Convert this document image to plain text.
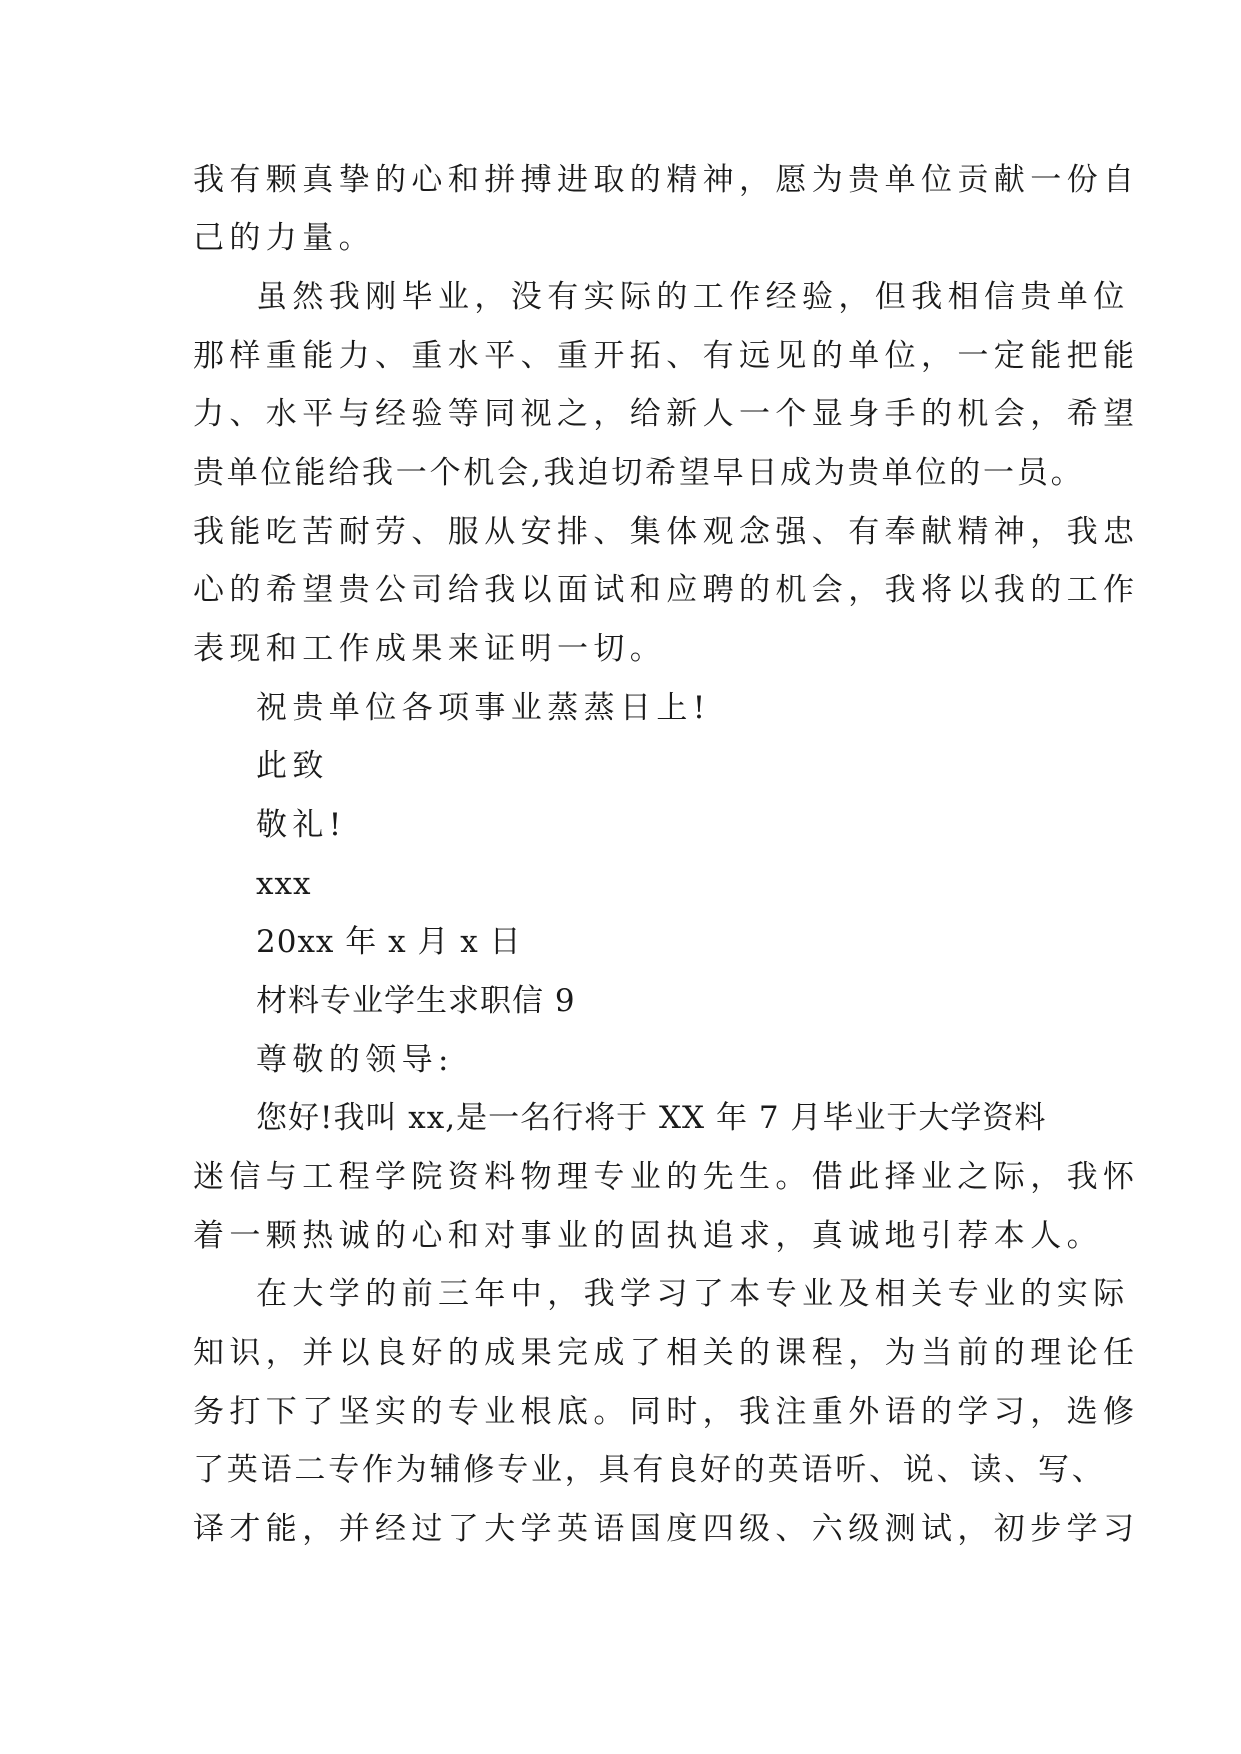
我有颗真挚的心和拼搏进取的精神，愿为贵单位贡献一份自
己的力量。
虽然我刚毕业，没有实际的工作经验，但我相信贵单位
那样重能力、重水平、重开拓、有远见的单位，一定能把能
力、水平与经验等同视之，给新人一个显身手的机会，希望
贵单位能给我一个机会,我迫切希望早日成为贵单位的一员。
我能吃苦耐劳、服从安排、集体观念强、有奉献精神，我忠
心的希望贵公司给我以面试和应聘的机会，我将以我的工作
表现和工作成果来证明一切。
祝贵单位各项事业蒸蒸日上!
此致
敬礼!
xxx
20xx 年 x 月 x 日
材料专业学生求职信 9
尊敬的领导:
您好!我叫 xx,是一名行将于 XX 年 7 月毕业于大学资料
迷信与工程学院资料物理专业的先生。借此择业之际，我怀
着一颗热诚的心和对事业的固执追求，真诚地引荐本人。
在大学的前三年中，我学习了本专业及相关专业的实际
知识，并以良好的成果完成了相关的课程，为当前的理论任
务打下了坚实的专业根底。同时，我注重外语的学习，选修
了英语二专作为辅修专业，具有良好的英语听、说、读、写、
译才能，并经过了大学英语国度四级、六级测试，初步学习
